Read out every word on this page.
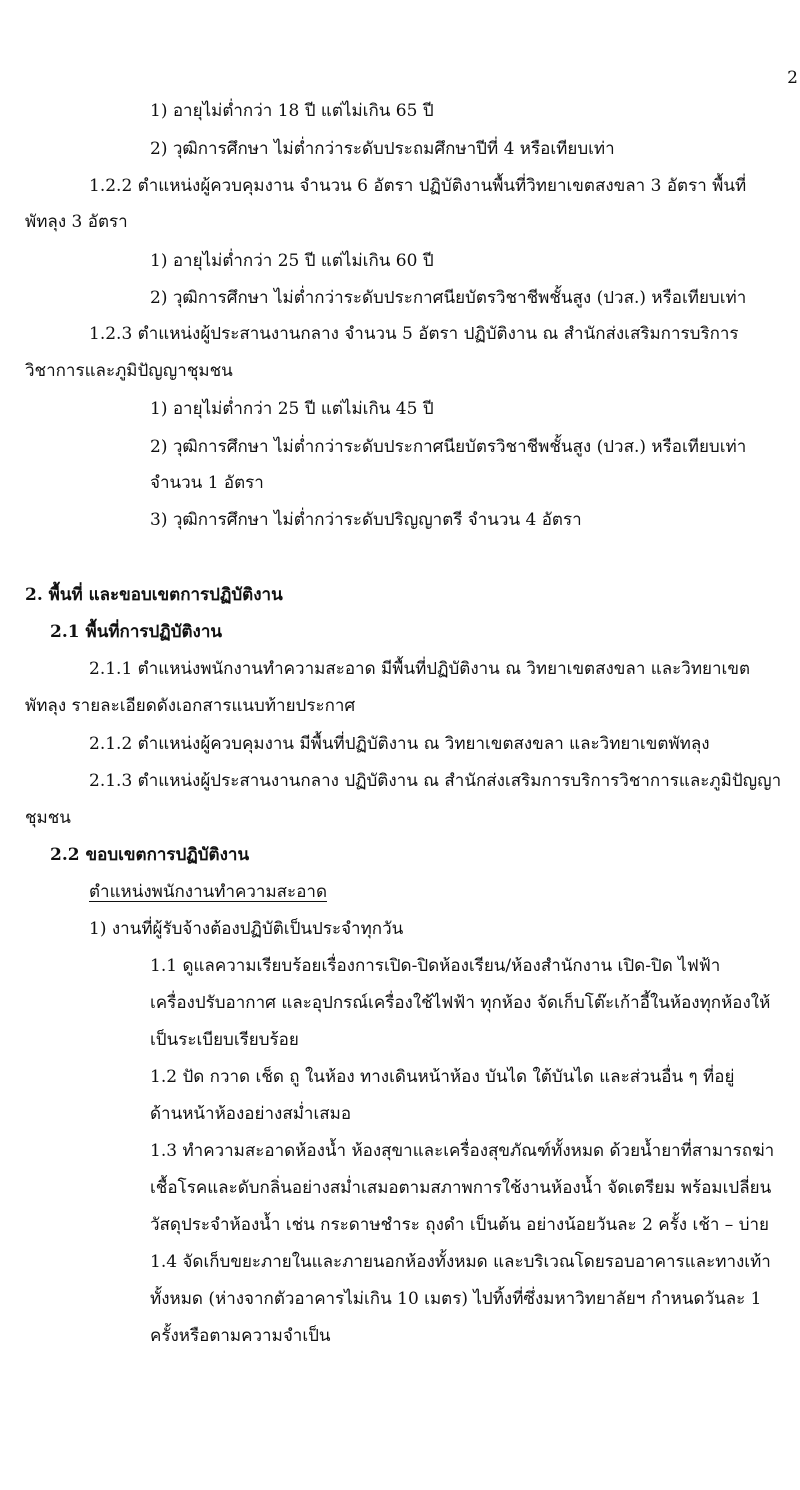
2
1) อายุไม่ต่ำกว่า 18 ปี แต่ไม่เกิน 65 ปี
2) วุฒิการศึกษา ไม่ต่ำกว่าระดับประถมศึกษาปีที่ 4 หรือเทียบเท่า
1.2.2 ตำแหน่งผู้ควบคุมงาน จำนวน 6 อัตรา ปฏิบัติงานพื้นที่วิทยาเขตสงขลา 3 อัตรา พื้นที่
พัทลุง 3 อัตรา
1) อายุไม่ต่ำกว่า 25 ปี แต่ไม่เกิน 60 ปี
2) วุฒิการศึกษา ไม่ต่ำกว่าระดับประกาศนียบัตรวิชาชีพชั้นสูง (ปวส.) หรือเทียบเท่า
1.2.3 ตำแหน่งผู้ประสานงานกลาง จำนวน 5 อัตรา ปฏิบัติงาน ณ สำนักส่งเสริมการบริการ
วิชาการและภูมิปัญญาชุมชน
1) อายุไม่ต่ำกว่า 25 ปี แต่ไม่เกิน 45 ปี
2) วุฒิการศึกษา ไม่ต่ำกว่าระดับประกาศนียบัตรวิชาชีพชั้นสูง (ปวส.) หรือเทียบเท่า
จำนวน 1 อัตรา
3) วุฒิการศึกษา ไม่ต่ำกว่าระดับปริญญาตรี จำนวน 4 อัตรา
2. พื้นที่ และขอบเขตการปฏิบัติงาน
2.1 พื้นที่การปฏิบัติงาน
2.1.1 ตำแหน่งพนักงานทำความสะอาด มีพื้นที่ปฏิบัติงาน ณ วิทยาเขตสงขลา และวิทยาเขต
พัทลุง รายละเอียดดังเอกสารแนบท้ายประกาศ
2.1.2 ตำแหน่งผู้ควบคุมงาน มีพื้นที่ปฏิบัติงาน ณ วิทยาเขตสงขลา และวิทยาเขตพัทลุง
2.1.3 ตำแหน่งผู้ประสานงานกลาง ปฏิบัติงาน ณ สำนักส่งเสริมการบริการวิชาการและภูมิปัญญา
ชุมชน
2.2 ขอบเขตการปฏิบัติงาน
ตำแหน่งพนักงานทำความสะอาด
1) งานที่ผู้รับจ้างต้องปฏิบัติเป็นประจำทุกวัน
1.1 ดูแลความเรียบร้อยเรื่องการเปิด-ปิดห้องเรียน/ห้องสำนักงาน เปิด-ปิด ไฟฟ้า
เครื่องปรับอากาศ และอุปกรณ์เครื่องใช้ไฟฟ้า ทุกห้อง จัดเก็บโต๊ะเก้าอี้ในห้องทุกห้องให้
เป็นระเบียบเรียบร้อย
1.2 ปัด กวาด เช็ด ถู ในห้อง ทางเดินหน้าห้อง บันได ใต้บันได และส่วนอื่น ๆ ที่อยู่
ด้านหน้าห้องอย่างสม่ำเสมอ
1.3 ทำความสะอาดห้องน้ำ ห้องสุขาและเครื่องสุขภัณฑ์ทั้งหมด ด้วยน้ำยาที่สามารถฆ่า
เชื้อโรคและดับกลิ่นอย่างสม่ำเสมอตามสภาพการใช้งานห้องน้ำ จัดเตรียม พร้อมเปลี่ยน
วัสดุประจำห้องน้ำ เช่น กระดาษชำระ ถุงดำ เป็นต้น อย่างน้อยวันละ 2 ครั้ง เช้า – บ่าย
1.4 จัดเก็บขยะภายในและภายนอกห้องทั้งหมด และบริเวณโดยรอบอาคารและทางเท้า
ทั้งหมด (ห่างจากตัวอาคารไม่เกิน 10 เมตร) ไปทิ้งที่ซึ่งมหาวิทยาลัยฯ กำหนดวันละ 1
ครั้งหรือตามความจำเป็น
